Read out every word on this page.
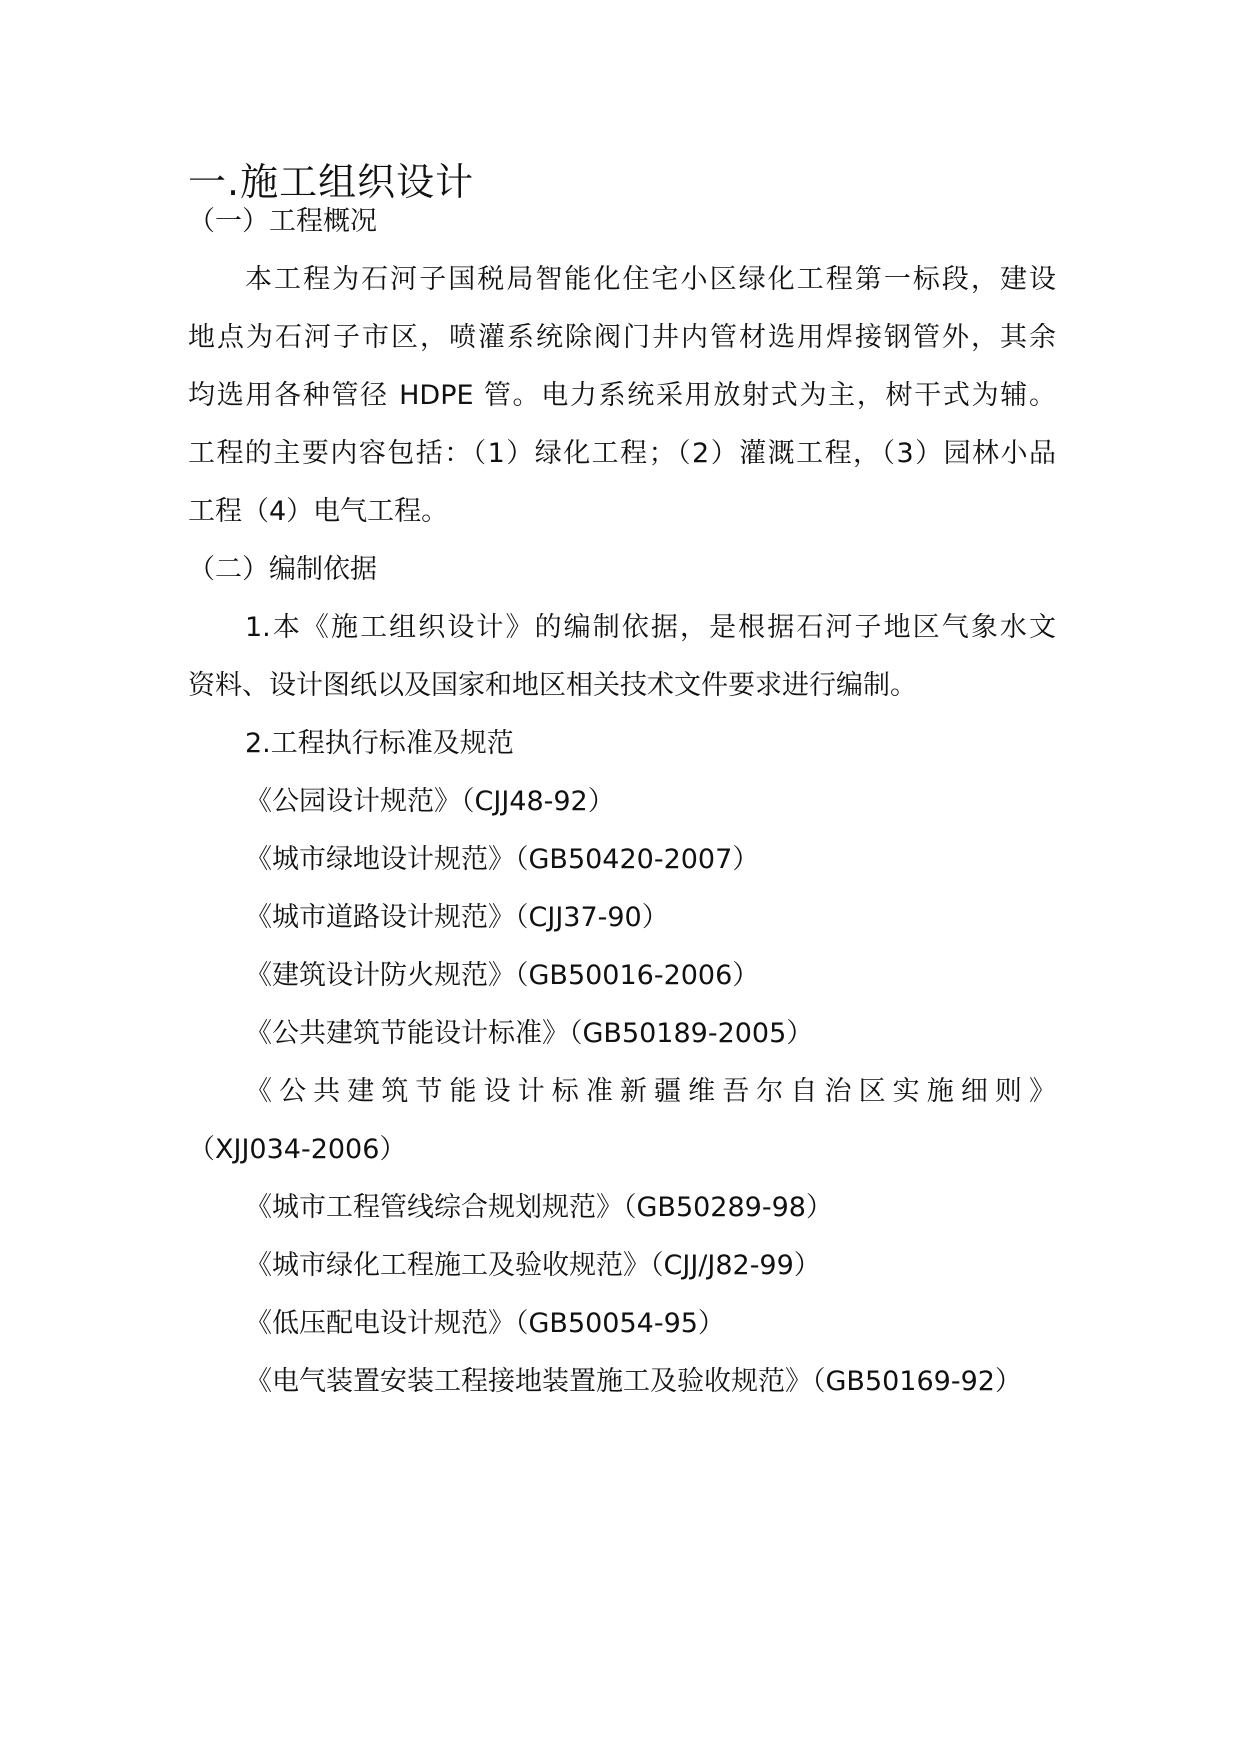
一.施工组织设计
（一）工程概况
本工程为石河子国税局智能化住宅小区绿化工程第一标段，建设
地点为石河子市区，喷灌系统除阀门井内管材选用焊接钢管外，其余
均选用各种管径 HDPE 管。电力系统采用放射式为主，树干式为辅。
工程的主要内容包括：（1）绿化工程；（2）灌溉工程，（3）园林小品
工程（4）电气工程。
（二）编制依据
1.本《施工组织设计》的编制依据，是根据石河子地区气象水文
资料、设计图纸以及国家和地区相关技术文件要求进行编制。
2.工程执行标准及规范
《公园设计规范》（CJJ48-92）
《城市绿地设计规范》（GB50420-2007）
《城市道路设计规范》（CJJ37-90）
《建筑设计防火规范》（GB50016-2006）
《公共建筑节能设计标准》（GB50189-2005）
《公共建筑节能设计标准新疆维吾尔自治区实施细则》
（XJJ034-2006）
《城市工程管线综合规划规范》（GB50289-98）
《城市绿化工程施工及验收规范》（CJJ/J82-99）
《低压配电设计规范》（GB50054-95）
《电气装置安装工程接地装置施工及验收规范》（GB50169-92）
